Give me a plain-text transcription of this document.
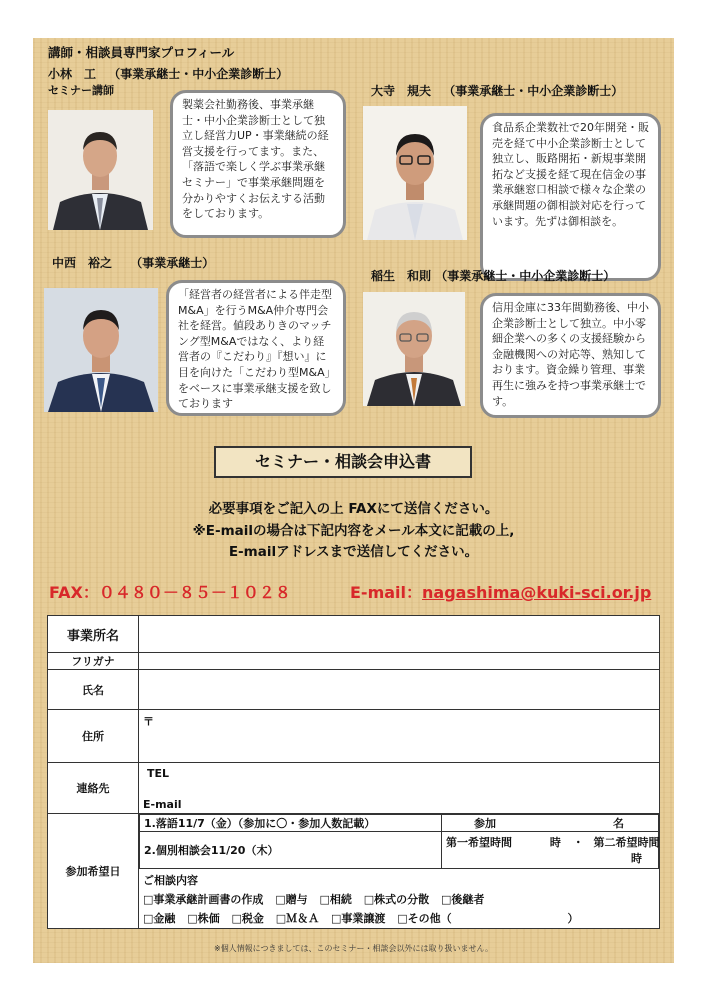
講師・相談員専門家プロフィール
小林　工 （事業承継士・中小企業診断士）
セミナー講師
製薬会社勤務後、事業承継士・中小企業診断士として独立し経営力UP・事業継続の経営支援を行ってます。また、「落語で楽しく学ぶ事業承継セミナー」で事業承継問題を分かりやすくお伝えする活動をしております。
大寺　規夫 （事業承継士・中小企業診断士）
食品系企業数社で20年開発・販売を経て中小企業診断士として独立し、販路開拓・新規事業開拓など支援を経て現在信金の事業承継窓口相談で様々な企業の承継問題の御相談対応を行っています。先ずは御相談を。
中西　裕之 （事業承継士）
「経営者の経営者による伴走型M&A」を行うM&A仲介専門会社を経営。値段ありきのマッチング型M&Aではなく、より経営者の『こだわり』『想い』に目を向けた「こだわり型M&A」をベースに事業承継支援を致しております
稲生　和則 （事業承継士・中小企業診断士）
信用金庫に33年間勤務後、中小企業診断士として独立。中小零細企業への多くの支援経験から金融機関への対応等、熟知しております。資金繰り管理、事業再生に強みを持つ事業承継士です。
セミナー・相談会申込書
必要事項をご記入の上 FAXにて送信ください。
※E-mailの場合は下記内容をメール本文に記載の上,
E-mailアドレスまで送信してください。
FAX：０４８０－８５－１０２８	E-mail：nagashima@kuki-sci.or.jp
事業所名	
フリガナ	
氏名	
住所	〒
連絡先	
TEL
E-mail

参加希望日	
1.落語11/7（金）（参加に〇・参加人数記載）	参加	名

2.個別相談会11/20（木）	第一希望時間	時 ・ 第二希望時間
時
ご相談内容
□事業承継計画書の作成 □贈与 □相続 □株式の分散 □後継者
□金融 □株価 □税金 □Ｍ＆Ａ □事業譲渡 □その他（	）
※個人情報につきましては、このセミナー・相談会以外には取り扱いません。
